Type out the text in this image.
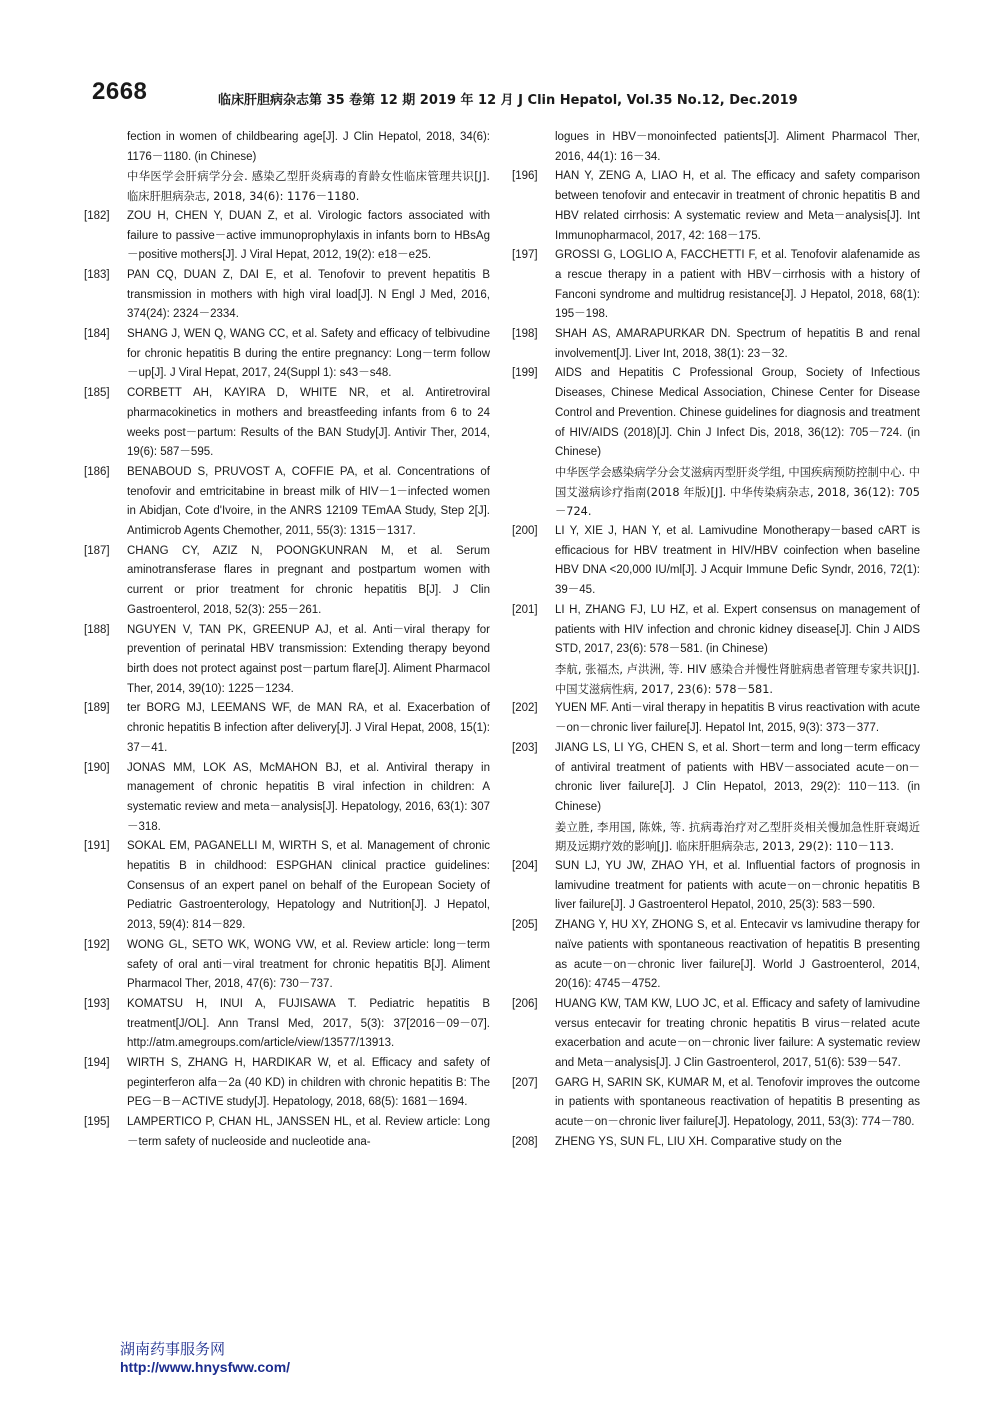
2668	临床肝胆病杂志第 35 卷第 12 期 2019 年 12 月 J Clin Hepatol, Vol.35 No.12, Dec.2019
fection in women of childbearing age[J]. J Clin Hepatol, 2018, 34(6): 1176－1180. (in Chinese)
中华医学会肝病学分会. 感染乙型肝炎病毒的育龄女性临床管理共识[J]. 临床肝胆病杂志, 2018, 34(6): 1176－1180.
[182] ZOU H, CHEN Y, DUAN Z, et al. Virologic factors associated with failure to passive－active immunoprophylaxis in infants born to HBsAg－positive mothers[J]. J Viral Hepat, 2012, 19(2): e18－e25.
[183] PAN CQ, DUAN Z, DAI E, et al. Tenofovir to prevent hepatitis B transmission in mothers with high viral load[J]. N Engl J Med, 2016, 374(24): 2324－2334.
[184] SHANG J, WEN Q, WANG CC, et al. Safety and efficacy of telbivudine for chronic hepatitis B during the entire pregnancy: Long－term follow－up[J]. J Viral Hepat, 2017, 24(Suppl 1): s43－s48.
[185] CORBETT AH, KAYIRA D, WHITE NR, et al. Antiretroviral pharmacokinetics in mothers and breastfeeding infants from 6 to 24 weeks post－partum: Results of the BAN Study[J]. Antivir Ther, 2014, 19(6): 587－595.
[186] BENABOUD S, PRUVOST A, COFFIE PA, et al. Concentrations of tenofovir and emtricitabine in breast milk of HIV－1－infected women in Abidjan, Cote d'Ivoire, in the ANRS 12109 TEmAA Study, Step 2[J]. Antimicrob Agents Chemother, 2011, 55(3): 1315－1317.
[187] CHANG CY, AZIZ N, POONGKUNRAN M, et al. Serum aminotransferase flares in pregnant and postpartum women with current or prior treatment for chronic hepatitis B[J]. J Clin Gastroenterol, 2018, 52(3): 255－261.
[188] NGUYEN V, TAN PK, GREENUP AJ, et al. Anti－viral therapy for prevention of perinatal HBV transmission: Extending therapy beyond birth does not protect against post－partum flare[J]. Aliment Pharmacol Ther, 2014, 39(10): 1225－1234.
[189] ter BORG MJ, LEEMANS WF, de MAN RA, et al. Exacerbation of chronic hepatitis B infection after delivery[J]. J Viral Hepat, 2008, 15(1): 37－41.
[190] JONAS MM, LOK AS, McMAHON BJ, et al. Antiviral therapy in management of chronic hepatitis B viral infection in children: A systematic review and meta－analysis[J]. Hepatology, 2016, 63(1): 307－318.
[191] SOKAL EM, PAGANELLI M, WIRTH S, et al. Management of chronic hepatitis B in childhood: ESPGHAN clinical practice guidelines: Consensus of an expert panel on behalf of the European Society of Pediatric Gastroenterology, Hepatology and Nutrition[J]. J Hepatol, 2013, 59(4): 814－829.
[192] WONG GL, SETO WK, WONG VW, et al. Review article: long－term safety of oral anti－viral treatment for chronic hepatitis B[J]. Aliment Pharmacol Ther, 2018, 47(6): 730－737.
[193] KOMATSU H, INUI A, FUJISAWA T. Pediatric hepatitis B treatment[J/OL]. Ann Transl Med, 2017, 5(3): 37[2016－09－07]. http://atm.amegroups.com/article/view/13577/13913.
[194] WIRTH S, ZHANG H, HARDIKAR W, et al. Efficacy and safety of peginterferon alfa－2a (40 KD) in children with chronic hepatitis B: The PEG－B－ACTIVE study[J]. Hepatology, 2018, 68(5): 1681－1694.
[195] LAMPERTICO P, CHAN HL, JANSSEN HL, et al. Review article: Long－term safety of nucleoside and nucleotide ana-
logues in HBV－monoinfected patients[J]. Aliment Pharmacol Ther, 2016, 44(1): 16－34.
[196] HAN Y, ZENG A, LIAO H, et al. The efficacy and safety comparison between tenofovir and entecavir in treatment of chronic hepatitis B and HBV related cirrhosis: A systematic review and Meta－analysis[J]. Int Immunopharmacol, 2017, 42: 168－175.
[197] GROSSI G, LOGLIO A, FACCHETTI F, et al. Tenofovir alafenamide as a rescue therapy in a patient with HBV－cirrhosis with a history of Fanconi syndrome and multidrug resistance[J]. J Hepatol, 2018, 68(1): 195－198.
[198] SHAH AS, AMARAPURKAR DN. Spectrum of hepatitis B and renal involvement[J]. Liver Int, 2018, 38(1): 23－32.
[199] AIDS and Hepatitis C Professional Group, Society of Infectious Diseases, Chinese Medical Association, Chinese Center for Disease Control and Prevention. Chinese guidelines for diagnosis and treatment of HIV/AIDS (2018)[J]. Chin J Infect Dis, 2018, 36(12): 705－724. (in Chinese)
中华医学会感染病学分会艾滋病丙型肝炎学组, 中国疾病预防控制中心. 中国艾滋病诊疗指南(2018 年版)[J]. 中华传染病杂志, 2018, 36(12): 705－724.
[200] LI Y, XIE J, HAN Y, et al. Lamivudine Monotherapy－based cART is efficacious for HBV treatment in HIV/HBV coinfection when baseline HBV DNA <20,000 IU/ml[J]. J Acquir Immune Defic Syndr, 2016, 72(1): 39－45.
[201] LI H, ZHANG FJ, LU HZ, et al. Expert consensus on management of patients with HIV infection and chronic kidney disease[J]. Chin J AIDS STD, 2017, 23(6): 578－581. (in Chinese)
李航, 张福杰, 卢洪洲, 等. HIV 感染合并慢性肾脏病患者管理专家共识[J]. 中国艾滋病性病, 2017, 23(6): 578－581.
[202] YUEN MF. Anti－viral therapy in hepatitis B virus reactivation with acute－on－chronic liver failure[J]. Hepatol Int, 2015, 9(3): 373－377.
[203] JIANG LS, LI YG, CHEN S, et al. Short－term and long－term efficacy of antiviral treatment of patients with HBV－associated acute－on－chronic liver failure[J]. J Clin Hepatol, 2013, 29(2): 110－113. (in Chinese)
姜立胜, 李用国, 陈姝, 等. 抗病毒治疗对乙型肝炎相关慢加急性肝衰竭近期及远期疗效的影响[J]. 临床肝胆病杂志, 2013, 29(2): 110－113.
[204] SUN LJ, YU JW, ZHAO YH, et al. Influential factors of prognosis in lamivudine treatment for patients with acute－on－chronic hepatitis B liver failure[J]. J Gastroenterol Hepatol, 2010, 25(3): 583－590.
[205] ZHANG Y, HU XY, ZHONG S, et al. Entecavir vs lamivudine therapy for naïve patients with spontaneous reactivation of hepatitis B presenting as acute－on－chronic liver failure[J]. World J Gastroenterol, 2014, 20(16): 4745－4752.
[206] HUANG KW, TAM KW, LUO JC, et al. Efficacy and safety of lamivudine versus entecavir for treating chronic hepatitis B virus－related acute exacerbation and acute－on－chronic liver failure: A systematic review and Meta－analysis[J]. J Clin Gastroenterol, 2017, 51(6): 539－547.
[207] GARG H, SARIN SK, KUMAR M, et al. Tenofovir improves the outcome in patients with spontaneous reactivation of hepatitis B presenting as acute－on－chronic liver failure[J]. Hepatology, 2011, 53(3): 774－780.
[208] ZHENG YS, SUN FL, LIU XH. Comparative study on the
湖南药事服务网
http://www.hnysfww.com/
